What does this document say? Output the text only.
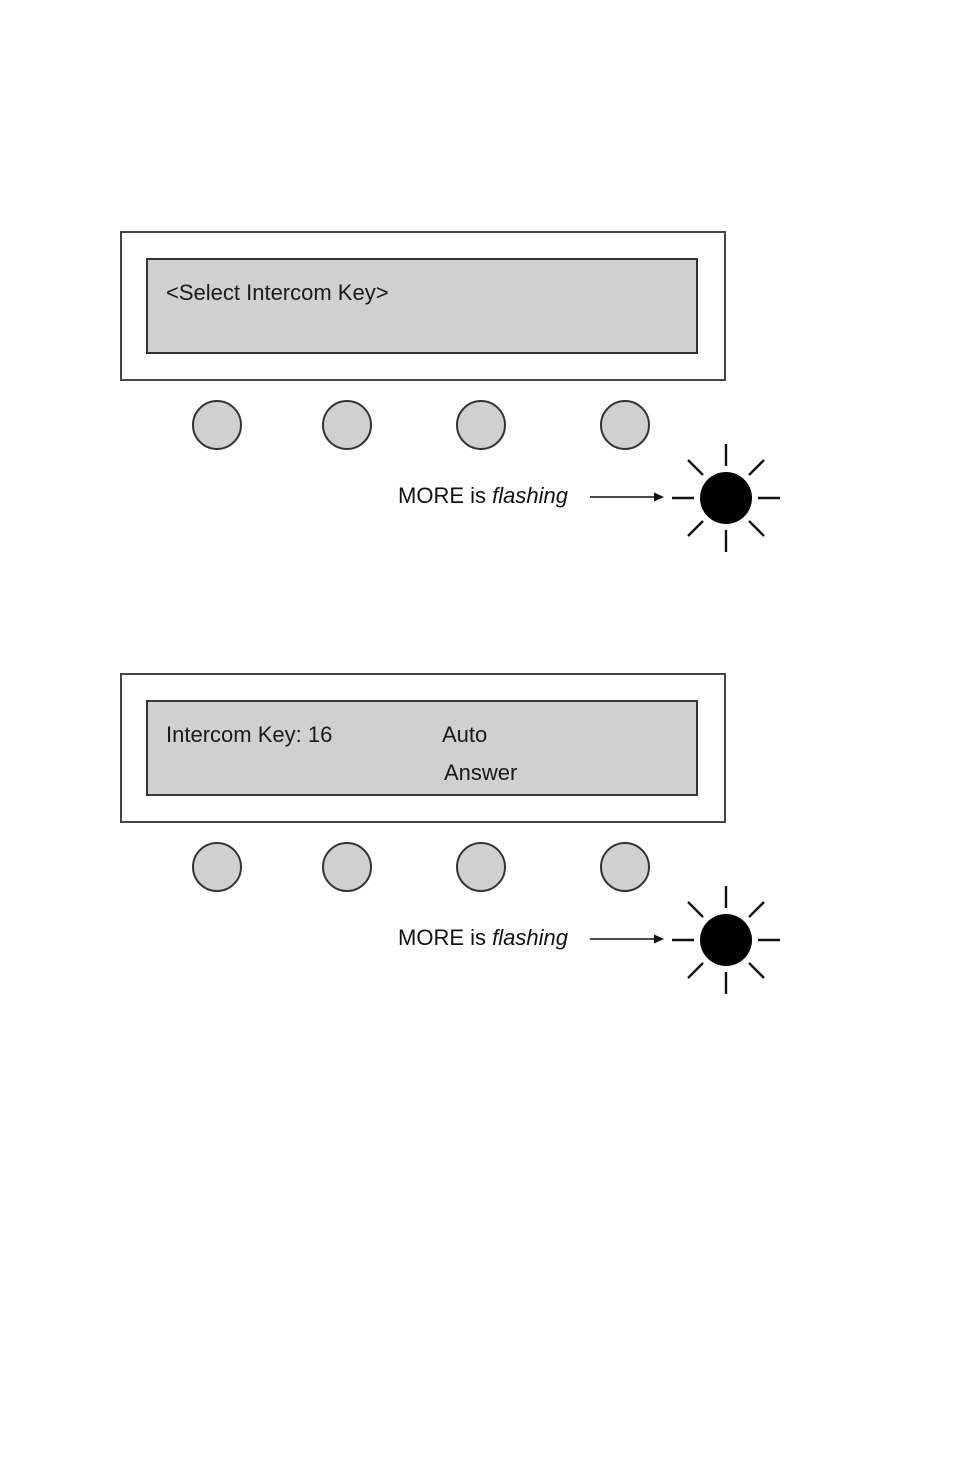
<Select Intercom Key>
MORE is flashing
Intercom Key: 16	Auto
Answer
MORE is flashing
